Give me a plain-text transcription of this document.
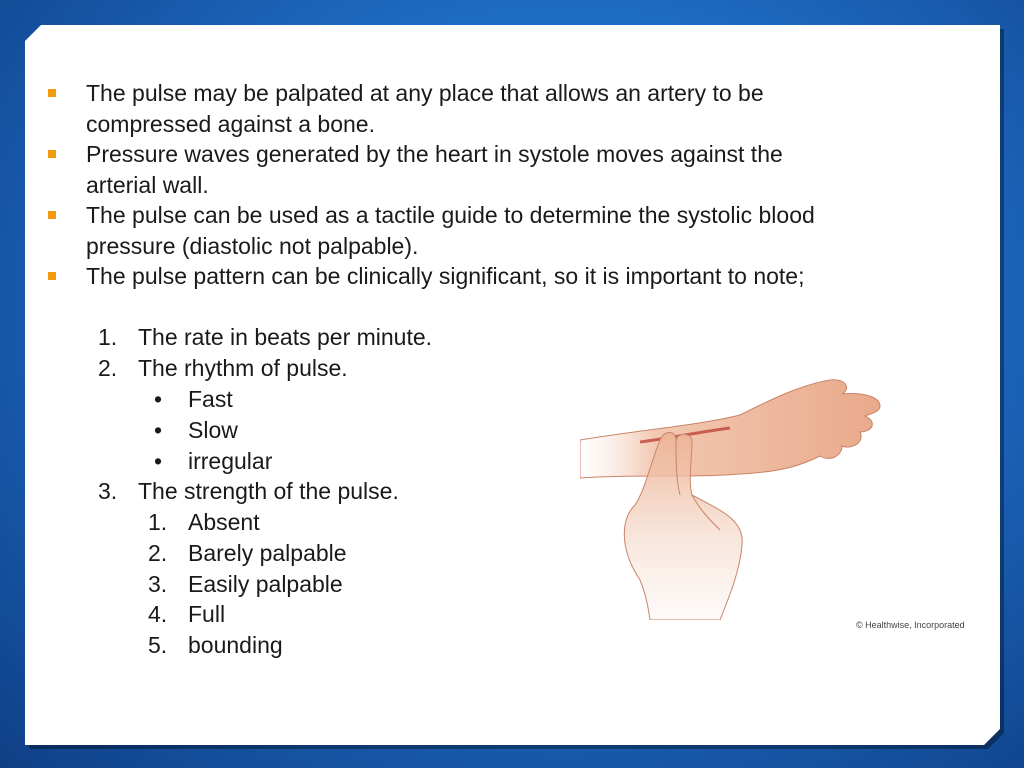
The pulse may be palpated at any place that allows an artery to be compressed against a bone.
Pressure waves generated by the heart in systole moves against the arterial wall.
The pulse can be used as a tactile guide to determine the systolic blood pressure (diastolic not palpable).
The pulse pattern can be clinically significant, so it is important to note;
1. The rate in beats per minute.
2. The rhythm of pulse.
• Fast
• Slow
• irregular
3. The strength of the pulse.
1. Absent
2. Barely palpable
3. Easily palpable
4. Full
5. bounding
© Healthwise, Incorporated
